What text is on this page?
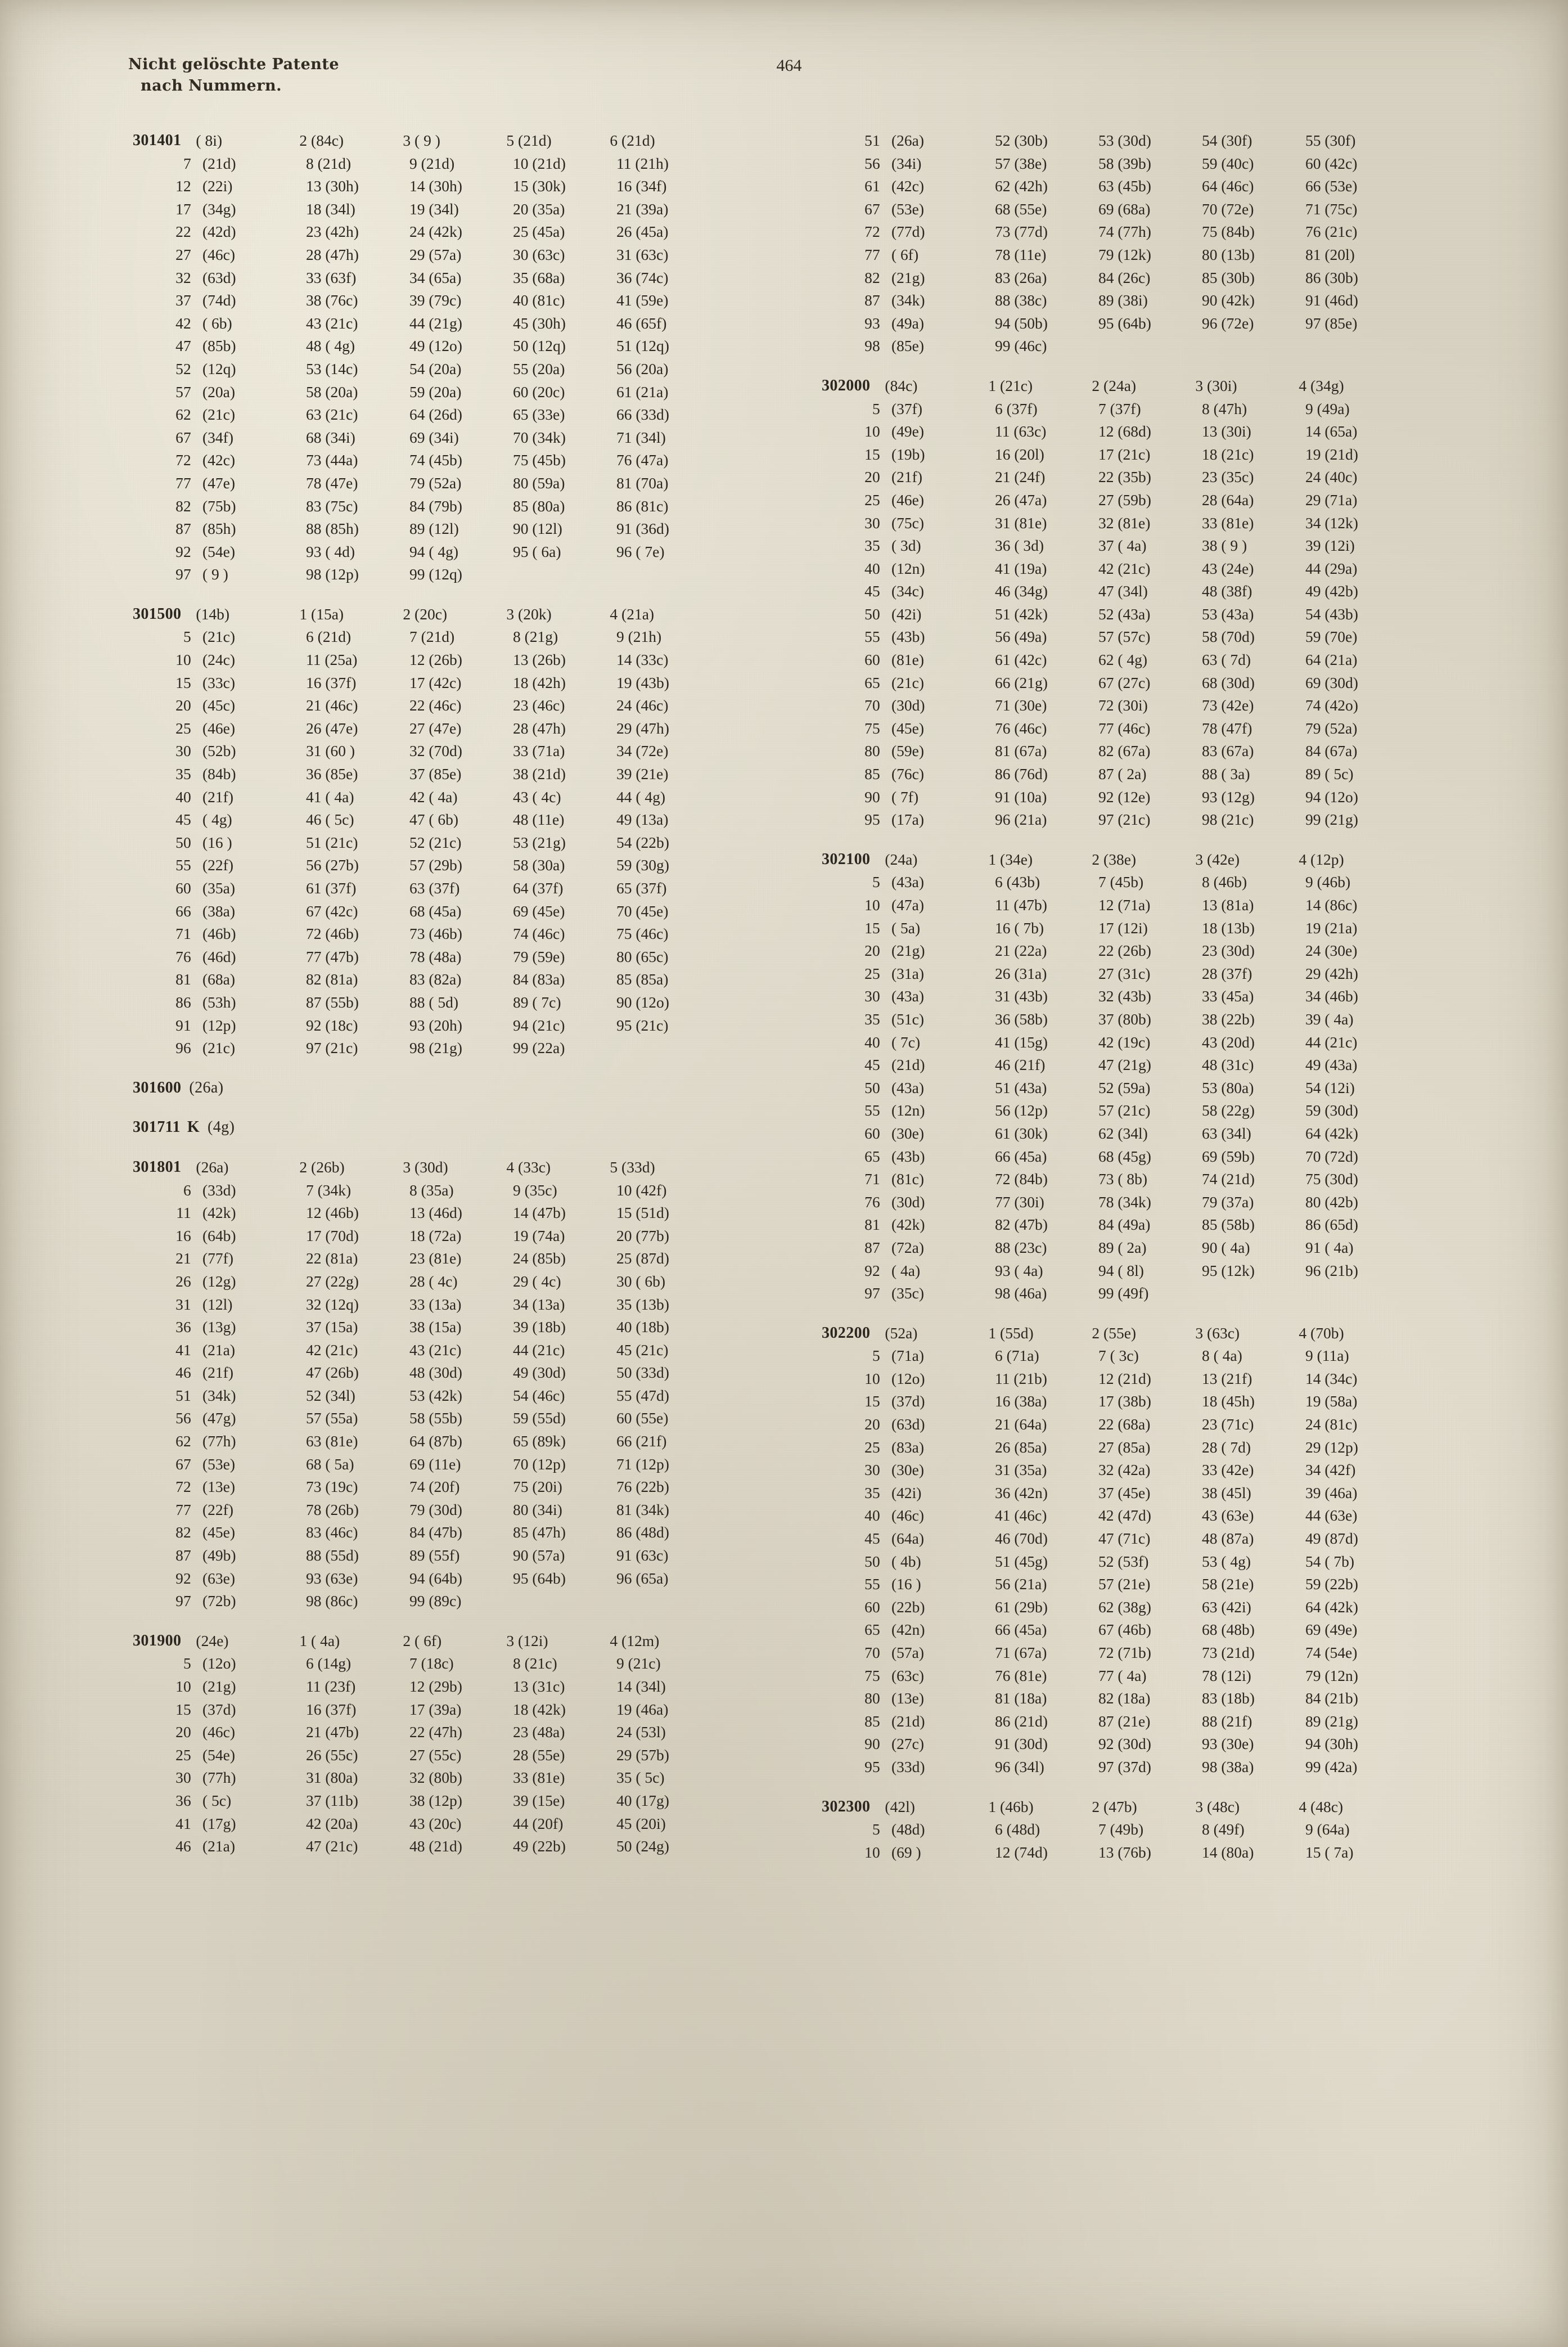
Nicht gelöschte Patente
nach Nummern.
464
301401 ( 8i)	2 (84c)	3 ( 9 )	5 (21d)	6 (21d)
7 (21d)	8 (21d)	9 (21d)	10 (21d)	11 (21h)
12 (22i)	13 (30h)	14 (30h)	15 (30k)	16 (34f)
17 (34g)	18 (34l)	19 (34l)	20 (35a)	21 (39a)
22 (42d)	23 (42h)	24 (42k)	25 (45a)	26 (45a)
27 (46c)	28 (47h)	29 (57a)	30 (63c)	31 (63c)
32 (63d)	33 (63f)	34 (65a)	35 (68a)	36 (74c)
37 (74d)	38 (76c)	39 (79c)	40 (81c)	41 (59e)
42 ( 6b)	43 (21c)	44 (21g)	45 (30h)	46 (65f)
47 (85b)	48 ( 4g)	49 (12o)	50 (12q)	51 (12q)
52 (12q)	53 (14c)	54 (20a)	55 (20a)	56 (20a)
57 (20a)	58 (20a)	59 (20a)	60 (20c)	61 (21a)
62 (21c)	63 (21c)	64 (26d)	65 (33e)	66 (33d)
67 (34f)	68 (34i)	69 (34i)	70 (34k)	71 (34l)
72 (42c)	73 (44a)	74 (45b)	75 (45b)	76 (47a)
77 (47e)	78 (47e)	79 (52a)	80 (59a)	81 (70a)
82 (75b)	83 (75c)	84 (79b)	85 (80a)	86 (81c)
87 (85h)	88 (85h)	89 (12l)	90 (12l)	91 (36d)
92 (54e)	93 ( 4d)	94 ( 4g)	95 ( 6a)	96 ( 7e)
97 ( 9 )	98 (12p)	99 (12q)
301500 (14b)	1 (15a)	2 (20c)	3 (20k)	4 (21a)
5 (21c)	6 (21d)	7 (21d)	8 (21g)	9 (21h)
10 (24c)	11 (25a)	12 (26b)	13 (26b)	14 (33c)
15 (33c)	16 (37f)	17 (42c)	18 (42h)	19 (43b)
20 (45c)	21 (46c)	22 (46c)	23 (46c)	24 (46c)
25 (46e)	26 (47e)	27 (47e)	28 (47h)	29 (47h)
30 (52b)	31 (60 )	32 (70d)	33 (71a)	34 (72e)
35 (84b)	36 (85e)	37 (85e)	38 (21d)	39 (21e)
40 (21f)	41 ( 4a)	42 ( 4a)	43 ( 4c)	44 ( 4g)
45 ( 4g)	46 ( 5c)	47 ( 6b)	48 (11e)	49 (13a)
50 (16 )	51 (21c)	52 (21c)	53 (21g)	54 (22b)
55 (22f)	56 (27b)	57 (29b)	58 (30a)	59 (30g)
60 (35a)	61 (37f)	63 (37f)	64 (37f)	65 (37f)
66 (38a)	67 (42c)	68 (45a)	69 (45e)	70 (45e)
71 (46b)	72 (46b)	73 (46b)	74 (46c)	75 (46c)
76 (46d)	77 (47b)	78 (48a)	79 (59e)	80 (65c)
81 (68a)	82 (81a)	83 (82a)	84 (83a)	85 (85a)
86 (53h)	87 (55b)	88 ( 5d)	89 ( 7c)	90 (12o)
91 (12p)	92 (18c)	93 (20h)	94 (21c)	95 (21c)
96 (21c)	97 (21c)	98 (21g)	99 (22a)
301600 (26a)
301711 K (4g)
301801 (26a)	2 (26b)	3 (30d)	4 (33c)	5 (33d)
6 (33d)	7 (34k)	8 (35a)	9 (35c)	10 (42f)
11 (42k)	12 (46b)	13 (46d)	14 (47b)	15 (51d)
16 (64b)	17 (70d)	18 (72a)	19 (74a)	20 (77b)
21 (77f)	22 (81a)	23 (81e)	24 (85b)	25 (87d)
26 (12g)	27 (22g)	28 ( 4c)	29 ( 4c)	30 ( 6b)
31 (12l)	32 (12q)	33 (13a)	34 (13a)	35 (13b)
36 (13g)	37 (15a)	38 (15a)	39 (18b)	40 (18b)
41 (21a)	42 (21c)	43 (21c)	44 (21c)	45 (21c)
46 (21f)	47 (26b)	48 (30d)	49 (30d)	50 (33d)
51 (34k)	52 (34l)	53 (42k)	54 (46c)	55 (47d)
56 (47g)	57 (55a)	58 (55b)	59 (55d)	60 (55e)
62 (77h)	63 (81e)	64 (87b)	65 (89k)	66 (21f)
67 (53e)	68 ( 5a)	69 (11e)	70 (12p)	71 (12p)
72 (13e)	73 (19c)	74 (20f)	75 (20i)	76 (22b)
77 (22f)	78 (26b)	79 (30d)	80 (34i)	81 (34k)
82 (45e)	83 (46c)	84 (47b)	85 (47h)	86 (48d)
87 (49b)	88 (55d)	89 (55f)	90 (57a)	91 (63c)
92 (63e)	93 (63e)	94 (64b)	95 (64b)	96 (65a)
97 (72b)	98 (86c)	99 (89c)
301900 (24e)	1 ( 4a)	2 ( 6f)	3 (12i)	4 (12m)
5 (12o)	6 (14g)	7 (18c)	8 (21c)	9 (21c)
10 (21g)	11 (23f)	12 (29b)	13 (31c)	14 (34l)
15 (37d)	16 (37f)	17 (39a)	18 (42k)	19 (46a)
20 (46c)	21 (47b)	22 (47h)	23 (48a)	24 (53l)
25 (54e)	26 (55c)	27 (55c)	28 (55e)	29 (57b)
30 (77h)	31 (80a)	32 (80b)	33 (81e)	35 ( 5c)
36 ( 5c)	37 (11b)	38 (12p)	39 (15e)	40 (17g)
41 (17g)	42 (20a)	43 (20c)	44 (20f)	45 (20i)
46 (21a)	47 (21c)	48 (21d)	49 (22b)	50 (24g)
51 (26a)	52 (30b)	53 (30d)	54 (30f)	55 (30f)
56 (34i)	57 (38e)	58 (39b)	59 (40c)	60 (42c)
61 (42c)	62 (42h)	63 (45b)	64 (46c)	66 (53e)
67 (53e)	68 (55e)	69 (68a)	70 (72e)	71 (75c)
72 (77d)	73 (77d)	74 (77h)	75 (84b)	76 (21c)
77 ( 6f)	78 (11e)	79 (12k)	80 (13b)	81 (20l)
82 (21g)	83 (26a)	84 (26c)	85 (30b)	86 (30b)
87 (34k)	88 (38c)	89 (38i)	90 (42k)	91 (46d)
93 (49a)	94 (50b)	95 (64b)	96 (72e)	97 (85e)
98 (85e)	99 (46c)
302000 (84c)	1 (21c)	2 (24a)	3 (30i)	4 (34g)
5 (37f)	6 (37f)	7 (37f)	8 (47h)	9 (49a)
10 (49e)	11 (63c)	12 (68d)	13 (30i)	14 (65a)
15 (19b)	16 (20l)	17 (21c)	18 (21c)	19 (21d)
20 (21f)	21 (24f)	22 (35b)	23 (35c)	24 (40c)
25 (46e)	26 (47a)	27 (59b)	28 (64a)	29 (71a)
30 (75c)	31 (81e)	32 (81e)	33 (81e)	34 (12k)
35 ( 3d)	36 ( 3d)	37 ( 4a)	38 ( 9 )	39 (12i)
40 (12n)	41 (19a)	42 (21c)	43 (24e)	44 (29a)
45 (34c)	46 (34g)	47 (34l)	48 (38f)	49 (42b)
50 (42i)	51 (42k)	52 (43a)	53 (43a)	54 (43b)
55 (43b)	56 (49a)	57 (57c)	58 (70d)	59 (70e)
60 (81e)	61 (42c)	62 ( 4g)	63 ( 7d)	64 (21a)
65 (21c)	66 (21g)	67 (27c)	68 (30d)	69 (30d)
70 (30d)	71 (30e)	72 (30i)	73 (42e)	74 (42o)
75 (45e)	76 (46c)	77 (46c)	78 (47f)	79 (52a)
80 (59e)	81 (67a)	82 (67a)	83 (67a)	84 (67a)
85 (76c)	86 (76d)	87 ( 2a)	88 ( 3a)	89 ( 5c)
90 ( 7f)	91 (10a)	92 (12e)	93 (12g)	94 (12o)
95 (17a)	96 (21a)	97 (21c)	98 (21c)	99 (21g)
302100 (24a)	1 (34e)	2 (38e)	3 (42e)	4 (12p)
5 (43a)	6 (43b)	7 (45b)	8 (46b)	9 (46b)
10 (47a)	11 (47b)	12 (71a)	13 (81a)	14 (86c)
15 ( 5a)	16 ( 7b)	17 (12i)	18 (13b)	19 (21a)
20 (21g)	21 (22a)	22 (26b)	23 (30d)	24 (30e)
25 (31a)	26 (31a)	27 (31c)	28 (37f)	29 (42h)
30 (43a)	31 (43b)	32 (43b)	33 (45a)	34 (46b)
35 (51c)	36 (58b)	37 (80b)	38 (22b)	39 ( 4a)
40 ( 7c)	41 (15g)	42 (19c)	43 (20d)	44 (21c)
45 (21d)	46 (21f)	47 (21g)	48 (31c)	49 (43a)
50 (43a)	51 (43a)	52 (59a)	53 (80a)	54 (12i)
55 (12n)	56 (12p)	57 (21c)	58 (22g)	59 (30d)
60 (30e)	61 (30k)	62 (34l)	63 (34l)	64 (42k)
65 (43b)	66 (45a)	68 (45g)	69 (59b)	70 (72d)
71 (81c)	72 (84b)	73 ( 8b)	74 (21d)	75 (30d)
76 (30d)	77 (30i)	78 (34k)	79 (37a)	80 (42b)
81 (42k)	82 (47b)	84 (49a)	85 (58b)	86 (65d)
87 (72a)	88 (23c)	89 ( 2a)	90 ( 4a)	91 ( 4a)
92 ( 4a)	93 ( 4a)	94 ( 8l)	95 (12k)	96 (21b)
97 (35c)	98 (46a)	99 (49f)
302200 (52a)	1 (55d)	2 (55e)	3 (63c)	4 (70b)
5 (71a)	6 (71a)	7 ( 3c)	8 ( 4a)	9 (11a)
10 (12o)	11 (21b)	12 (21d)	13 (21f)	14 (34c)
15 (37d)	16 (38a)	17 (38b)	18 (45h)	19 (58a)
20 (63d)	21 (64a)	22 (68a)	23 (71c)	24 (81c)
25 (83a)	26 (85a)	27 (85a)	28 ( 7d)	29 (12p)
30 (30e)	31 (35a)	32 (42a)	33 (42e)	34 (42f)
35 (42i)	36 (42n)	37 (45e)	38 (45l)	39 (46a)
40 (46c)	41 (46c)	42 (47d)	43 (63e)	44 (63e)
45 (64a)	46 (70d)	47 (71c)	48 (87a)	49 (87d)
50 ( 4b)	51 (45g)	52 (53f)	53 ( 4g)	54 ( 7b)
55 (16 )	56 (21a)	57 (21e)	58 (21e)	59 (22b)
60 (22b)	61 (29b)	62 (38g)	63 (42i)	64 (42k)
65 (42n)	66 (45a)	67 (46b)	68 (48b)	69 (49e)
70 (57a)	71 (67a)	72 (71b)	73 (21d)	74 (54e)
75 (63c)	76 (81e)	77 ( 4a)	78 (12i)	79 (12n)
80 (13e)	81 (18a)	82 (18a)	83 (18b)	84 (21b)
85 (21d)	86 (21d)	87 (21e)	88 (21f)	89 (21g)
90 (27c)	91 (30d)	92 (30d)	93 (30e)	94 (30h)
95 (33d)	96 (34l)	97 (37d)	98 (38a)	99 (42a)
302300 (42l)	1 (46b)	2 (47b)	3 (48c)	4 (48c)
5 (48d)	6 (48d)	7 (49b)	8 (49f)	9 (64a)
10 (69 )	12 (74d)	13 (76b)	14 (80a)	15 ( 7a)
